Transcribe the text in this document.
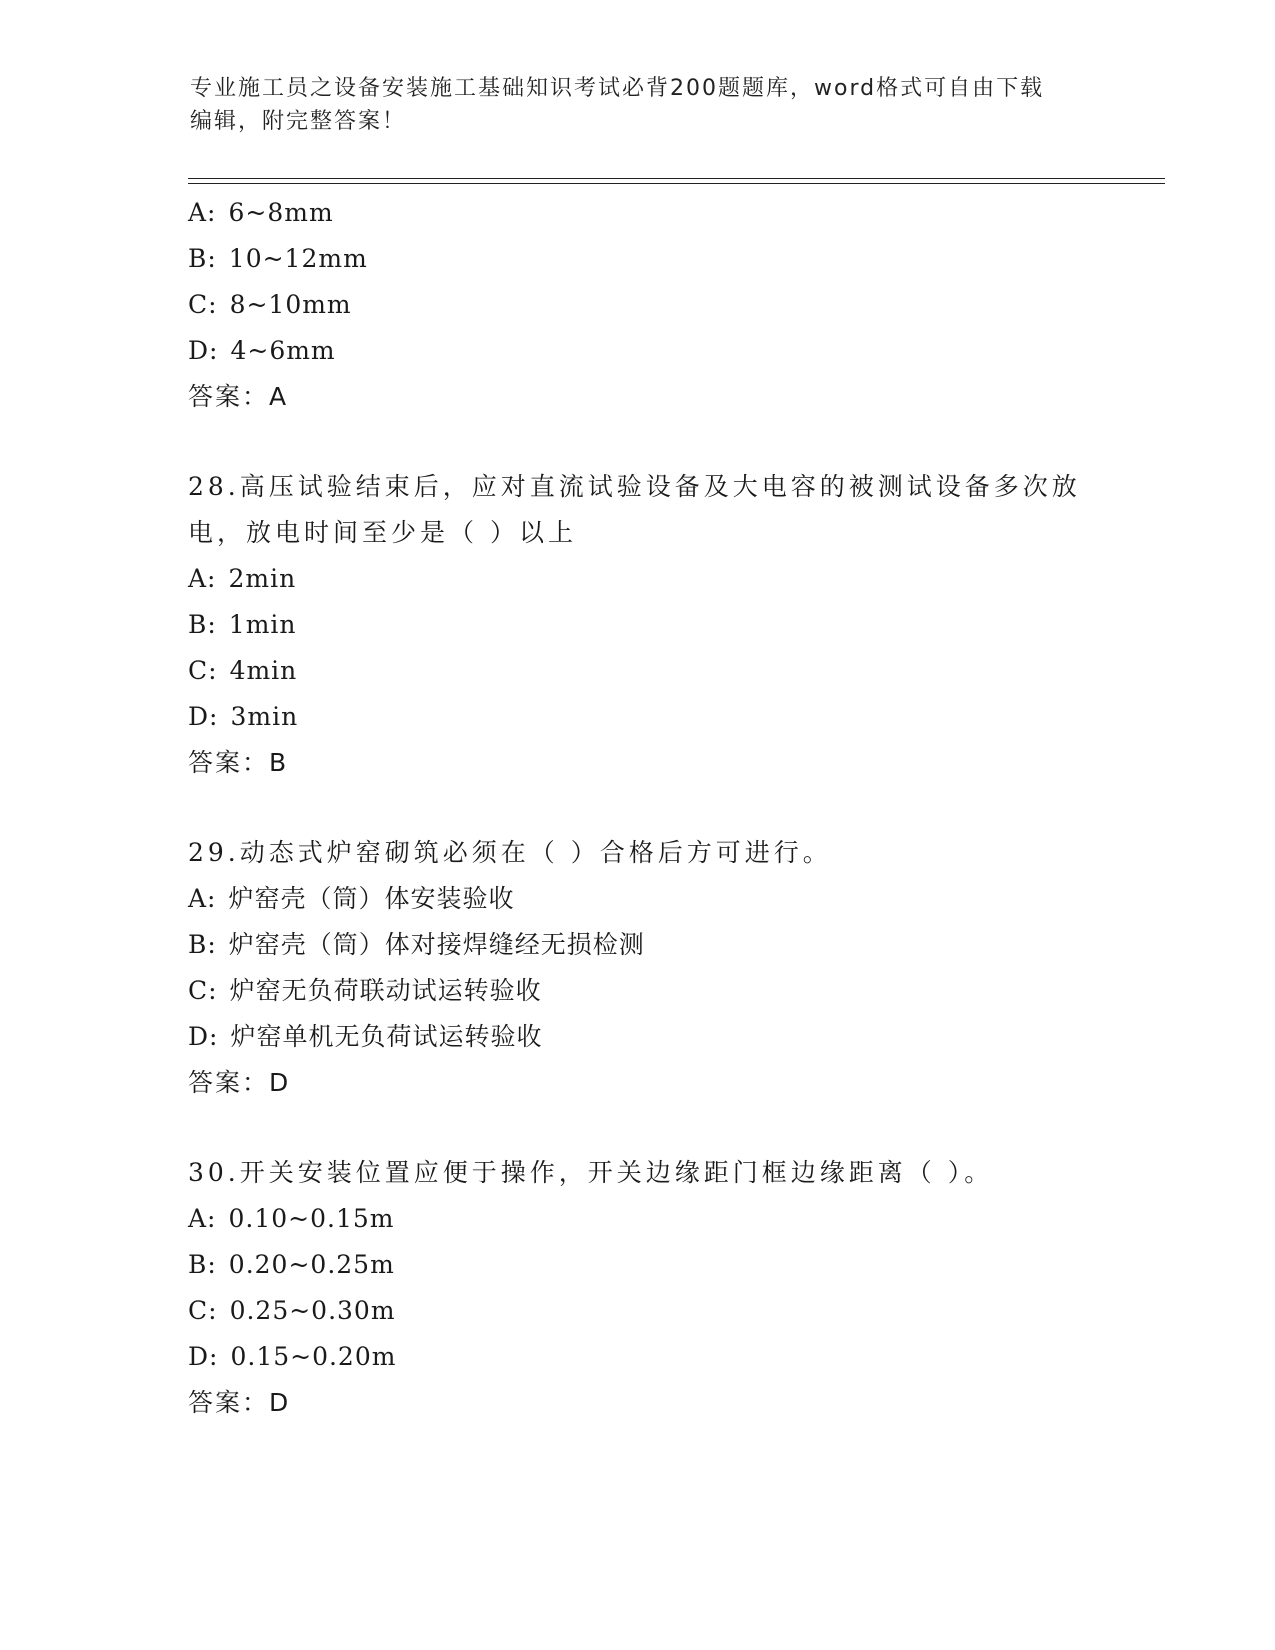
专业施工员之设备安装施工基础知识考试必背200题题库，word格式可自由下载
编辑，附完整答案！
A: 6~8mm
B: 10~12mm
C: 8~10mm
D: 4~6mm
答案：A
28.高压试验结束后，应对直流试验设备及大电容的被测试设备多次放电，放电时间至少是（ ）以上
A: 2min
B: 1min
C: 4min
D: 3min
答案：B
29.动态式炉窑砌筑必须在（ ）合格后方可进行。
A: 炉窑壳（筒）体安装验收
B: 炉窑壳（筒）体对接焊缝经无损检测
C: 炉窑无负荷联动试运转验收
D: 炉窑单机无负荷试运转验收
答案：D
30.开关安装位置应便于操作，开关边缘距门框边缘距离（ ）。
A: 0.10~0.15m
B: 0.20~0.25m
C: 0.25~0.30m
D: 0.15~0.20m
答案：D
